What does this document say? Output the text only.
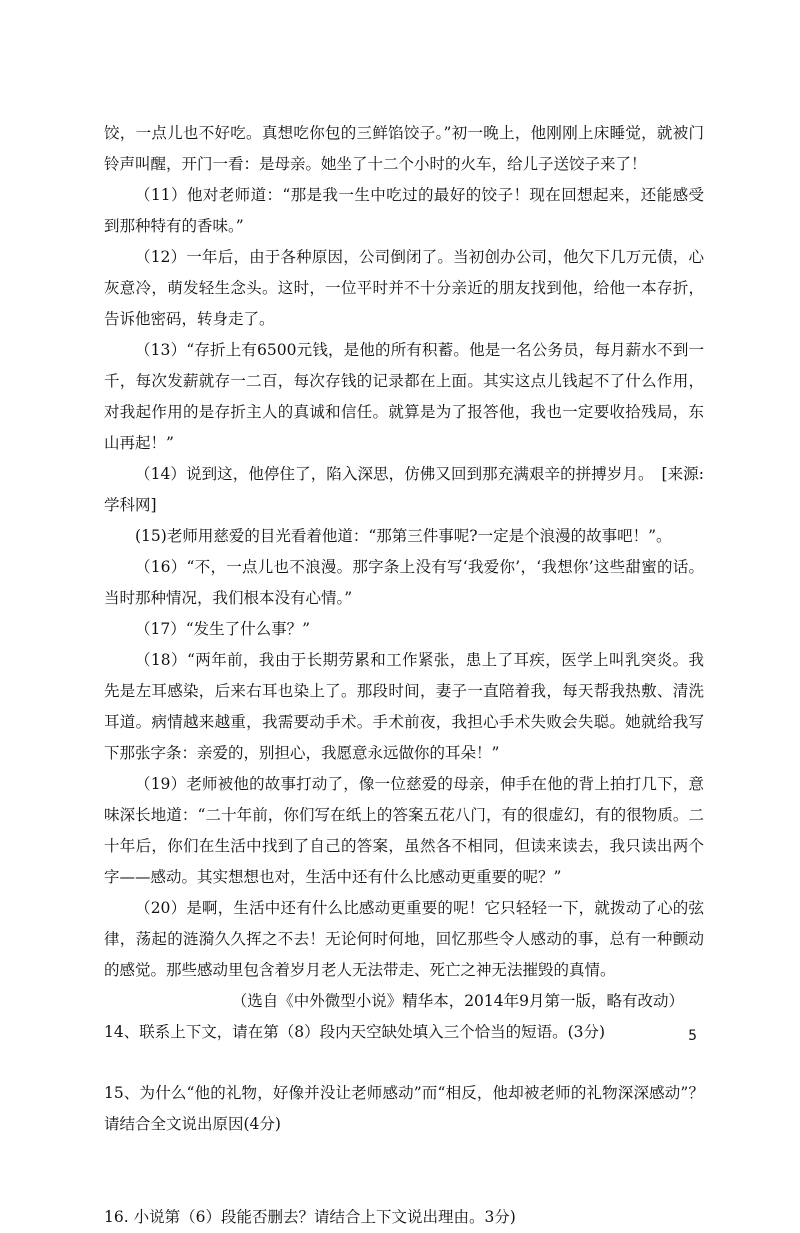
饺，一点儿也不好吃。真想吃你包的三鲜馅饺子。”初一晚上，他刚刚上床睡觉，就被门铃声叫醒，开门一看：是母亲。她坐了十二个小时的火车，给儿子送饺子来了！

（11）他对老师道：“那是我一生中吃过的最好的饺子！现在回想起来，还能感受到那种特有的香味。”

（12）一年后，由于各种原因，公司倒闭了。当初创办公司，他欠下几万元债，心灰意冷，萌发轻生念头。这时，一位平时并不十分亲近的朋友找到他，给他一本存折，告诉他密码，转身走了。

（13）“存折上有6500元钱，是他的所有积蓄。他是一名公务员，每月薪水不到一千，每次发薪就存一二百，每次存钱的记录都在上面。其实这点儿钱起不了什么作用，对我起作用的是存折主人的真诚和信任。就算是为了报答他，我也一定要收拾残局，东山再起！”

（14）说到这，他停住了，陷入深思，仿佛又回到那充满艰辛的拼搏岁月。　[来源:学科网]

(15)老师用慈爱的目光看着他道：“那第三件事呢?一定是个浪漫的故事吧！”。

（16）“不，一点儿也不浪漫。那字条上没有写‘我爱你’，‘我想你’这些甜蜜的话。当时那种情况，我们根本没有心情。”

（17）“发生了什么事？”

（18）“两年前，我由于长期劳累和工作紧张，患上了耳疾，医学上叫乳突炎。我先是左耳感染，后来右耳也染上了。那段时间，妻子一直陪着我，每天帮我热敷、清洗耳道。病情越来越重，我需要动手术。手术前夜，我担心手术失败会失聪。她就给我写下那张字条：亲爱的，别担心，我愿意永远做你的耳朵！”

（19）老师被他的故事打动了，像一位慈爱的母亲，伸手在他的背上拍打几下，意味深长地道：“二十年前，你们写在纸上的答案五花八门，有的很虚幻，有的很物质。二十年后，你们在生活中找到了自己的答案，虽然各不相同，但读来读去，我只读出两个字——感动。其实想想也对，生活中还有什么比感动更重要的呢？”

（20）是啊，生活中还有什么比感动更重要的呢！它只轻轻一下，就拨动了心的弦律，荡起的涟漪久久挥之不去！无论何时何地，回忆那些令人感动的事，总有一种颤动的感觉。那些感动里包含着岁月老人无法带走、死亡之神无法摧毁的真情。

（选自《中外微型小说》精华本，2014年9月第一版，略有改动）

14、联系上下文，请在第（8）段内天空缺处填入三个恰当的短语。(3分)

15、为什么“他的礼物，好像并没让老师感动”而“相反，他却被老师的礼物深深感动”？请结合全文说出原因(4分)

16. 小说第（6）段能否删去？请结合上下文说出理由。3分)

5
